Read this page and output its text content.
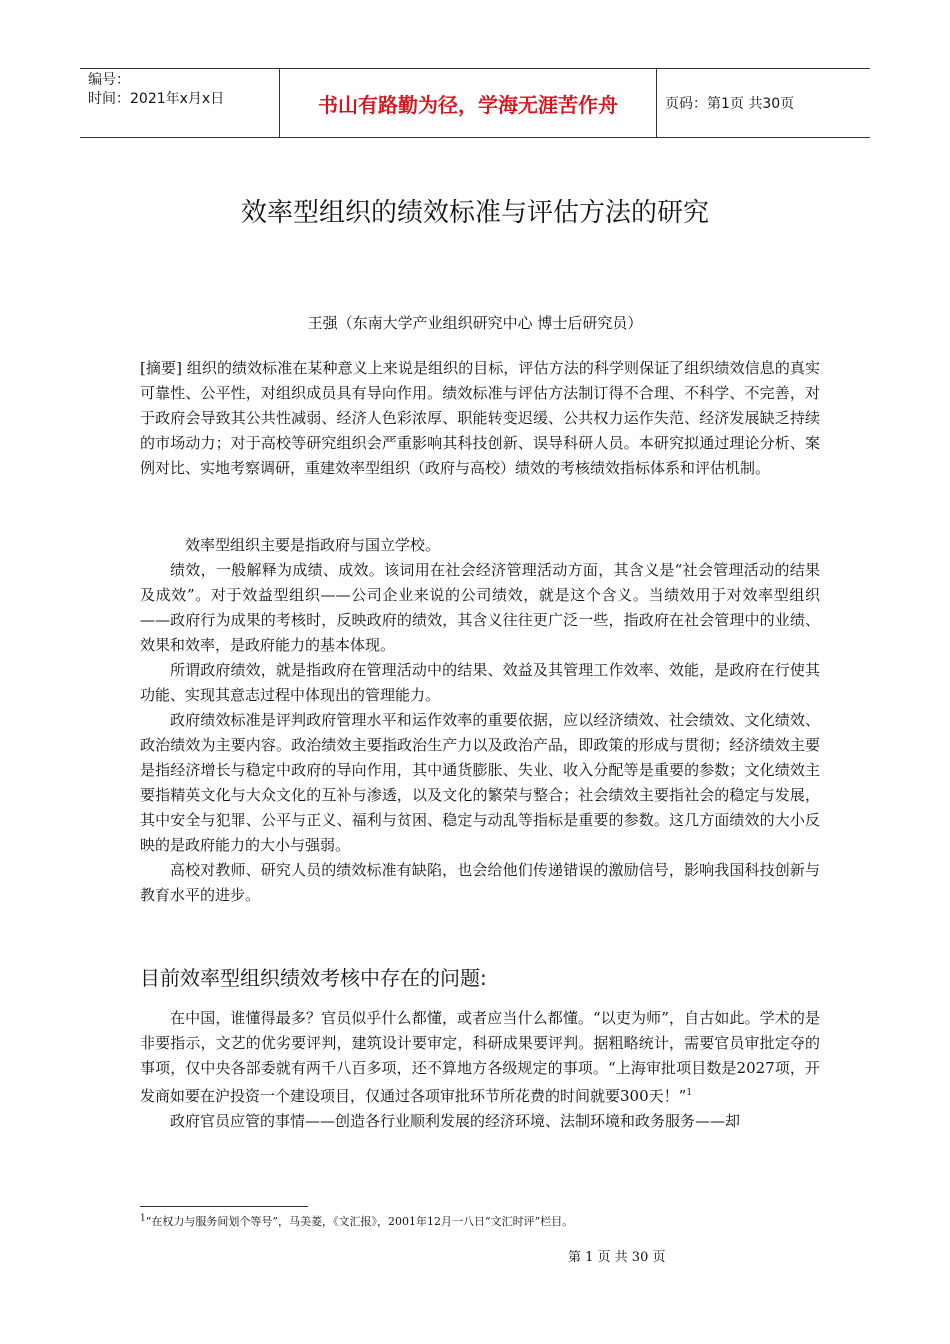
编号：
时间：2021年x月x日	书山有路勤为径，学海无涯苦作舟	页码：第1页 共30页
效率型组织的绩效标准与评估方法的研究
王强（东南大学产业组织研究中心 博士后研究员）
[摘要] 组织的绩效标准在某种意义上来说是组织的目标，评估方法的科学则保证了组织绩效信息的真实可靠性、公平性，对组织成员具有导向作用。绩效标准与评估方法制订得不合理、不科学、不完善，对于政府会导致其公共性减弱、经济人色彩浓厚、职能转变迟缓、公共权力运作失范、经济发展缺乏持续的市场动力；对于高校等研究组织会严重影响其科技创新、误导科研人员。本研究拟通过理论分析、案例对比、实地考察调研，重建效率型组织（政府与高校）绩效的考核绩效指标体系和评估机制。

效率型组织主要是指政府与国立学校。

绩效，一般解释为成绩、成效。该词用在社会经济管理活动方面，其含义是“社会管理活动的结果及成效”。对于效益型组织——公司企业来说的公司绩效，就是这个含义。当绩效用于对效率型组织——政府行为成果的考核时，反映政府的绩效，其含义往往更广泛一些，指政府在社会管理中的业绩、效果和效率，是政府能力的基本体现。

所谓政府绩效，就是指政府在管理活动中的结果、效益及其管理工作效率、效能，是政府在行使其功能、实现其意志过程中体现出的管理能力。

政府绩效标准是评判政府管理水平和运作效率的重要依据，应以经济绩效、社会绩效、文化绩效、政治绩效为主要内容。政治绩效主要指政治生产力以及政治产品，即政策的形成与贯彻；经济绩效主要是指经济增长与稳定中政府的导向作用，其中通货膨胀、失业、收入分配等是重要的参数；文化绩效主要指精英文化与大众文化的互补与渗透，以及文化的繁荣与整合；社会绩效主要指社会的稳定与发展，其中安全与犯罪、公平与正义、福利与贫困、稳定与动乱等指标是重要的参数。这几方面绩效的大小反映的是政府能力的大小与强弱。

高校对教师、研究人员的绩效标准有缺陷，也会给他们传递错误的激励信号，影响我国科技创新与教育水平的进步。

目前效率型组织绩效考核中存在的问题:

在中国，谁懂得最多？官员似乎什么都懂，或者应当什么都懂。“以吏为师”，自古如此。学术的是非要指示，文艺的优劣要评判，建筑设计要审定，科研成果要评判。据粗略统计，需要官员审批定夺的事项，仅中央各部委就有两千八百多项，还不算地方各级规定的事项。“上海审批项目数是2027项，开发商如要在沪投资一个建设项目，仅通过各项审批环节所花费的时间就要300天！”$^1$

政府官员应管的事情——创造各行业顺利发展的经济环境、法制环境和政务服务——却

$^1$“在权力与服务间划个等号”，马美菱，《文汇报》，2001年12月一八日“文汇时评”栏目。
第 1 页 共 30 页
